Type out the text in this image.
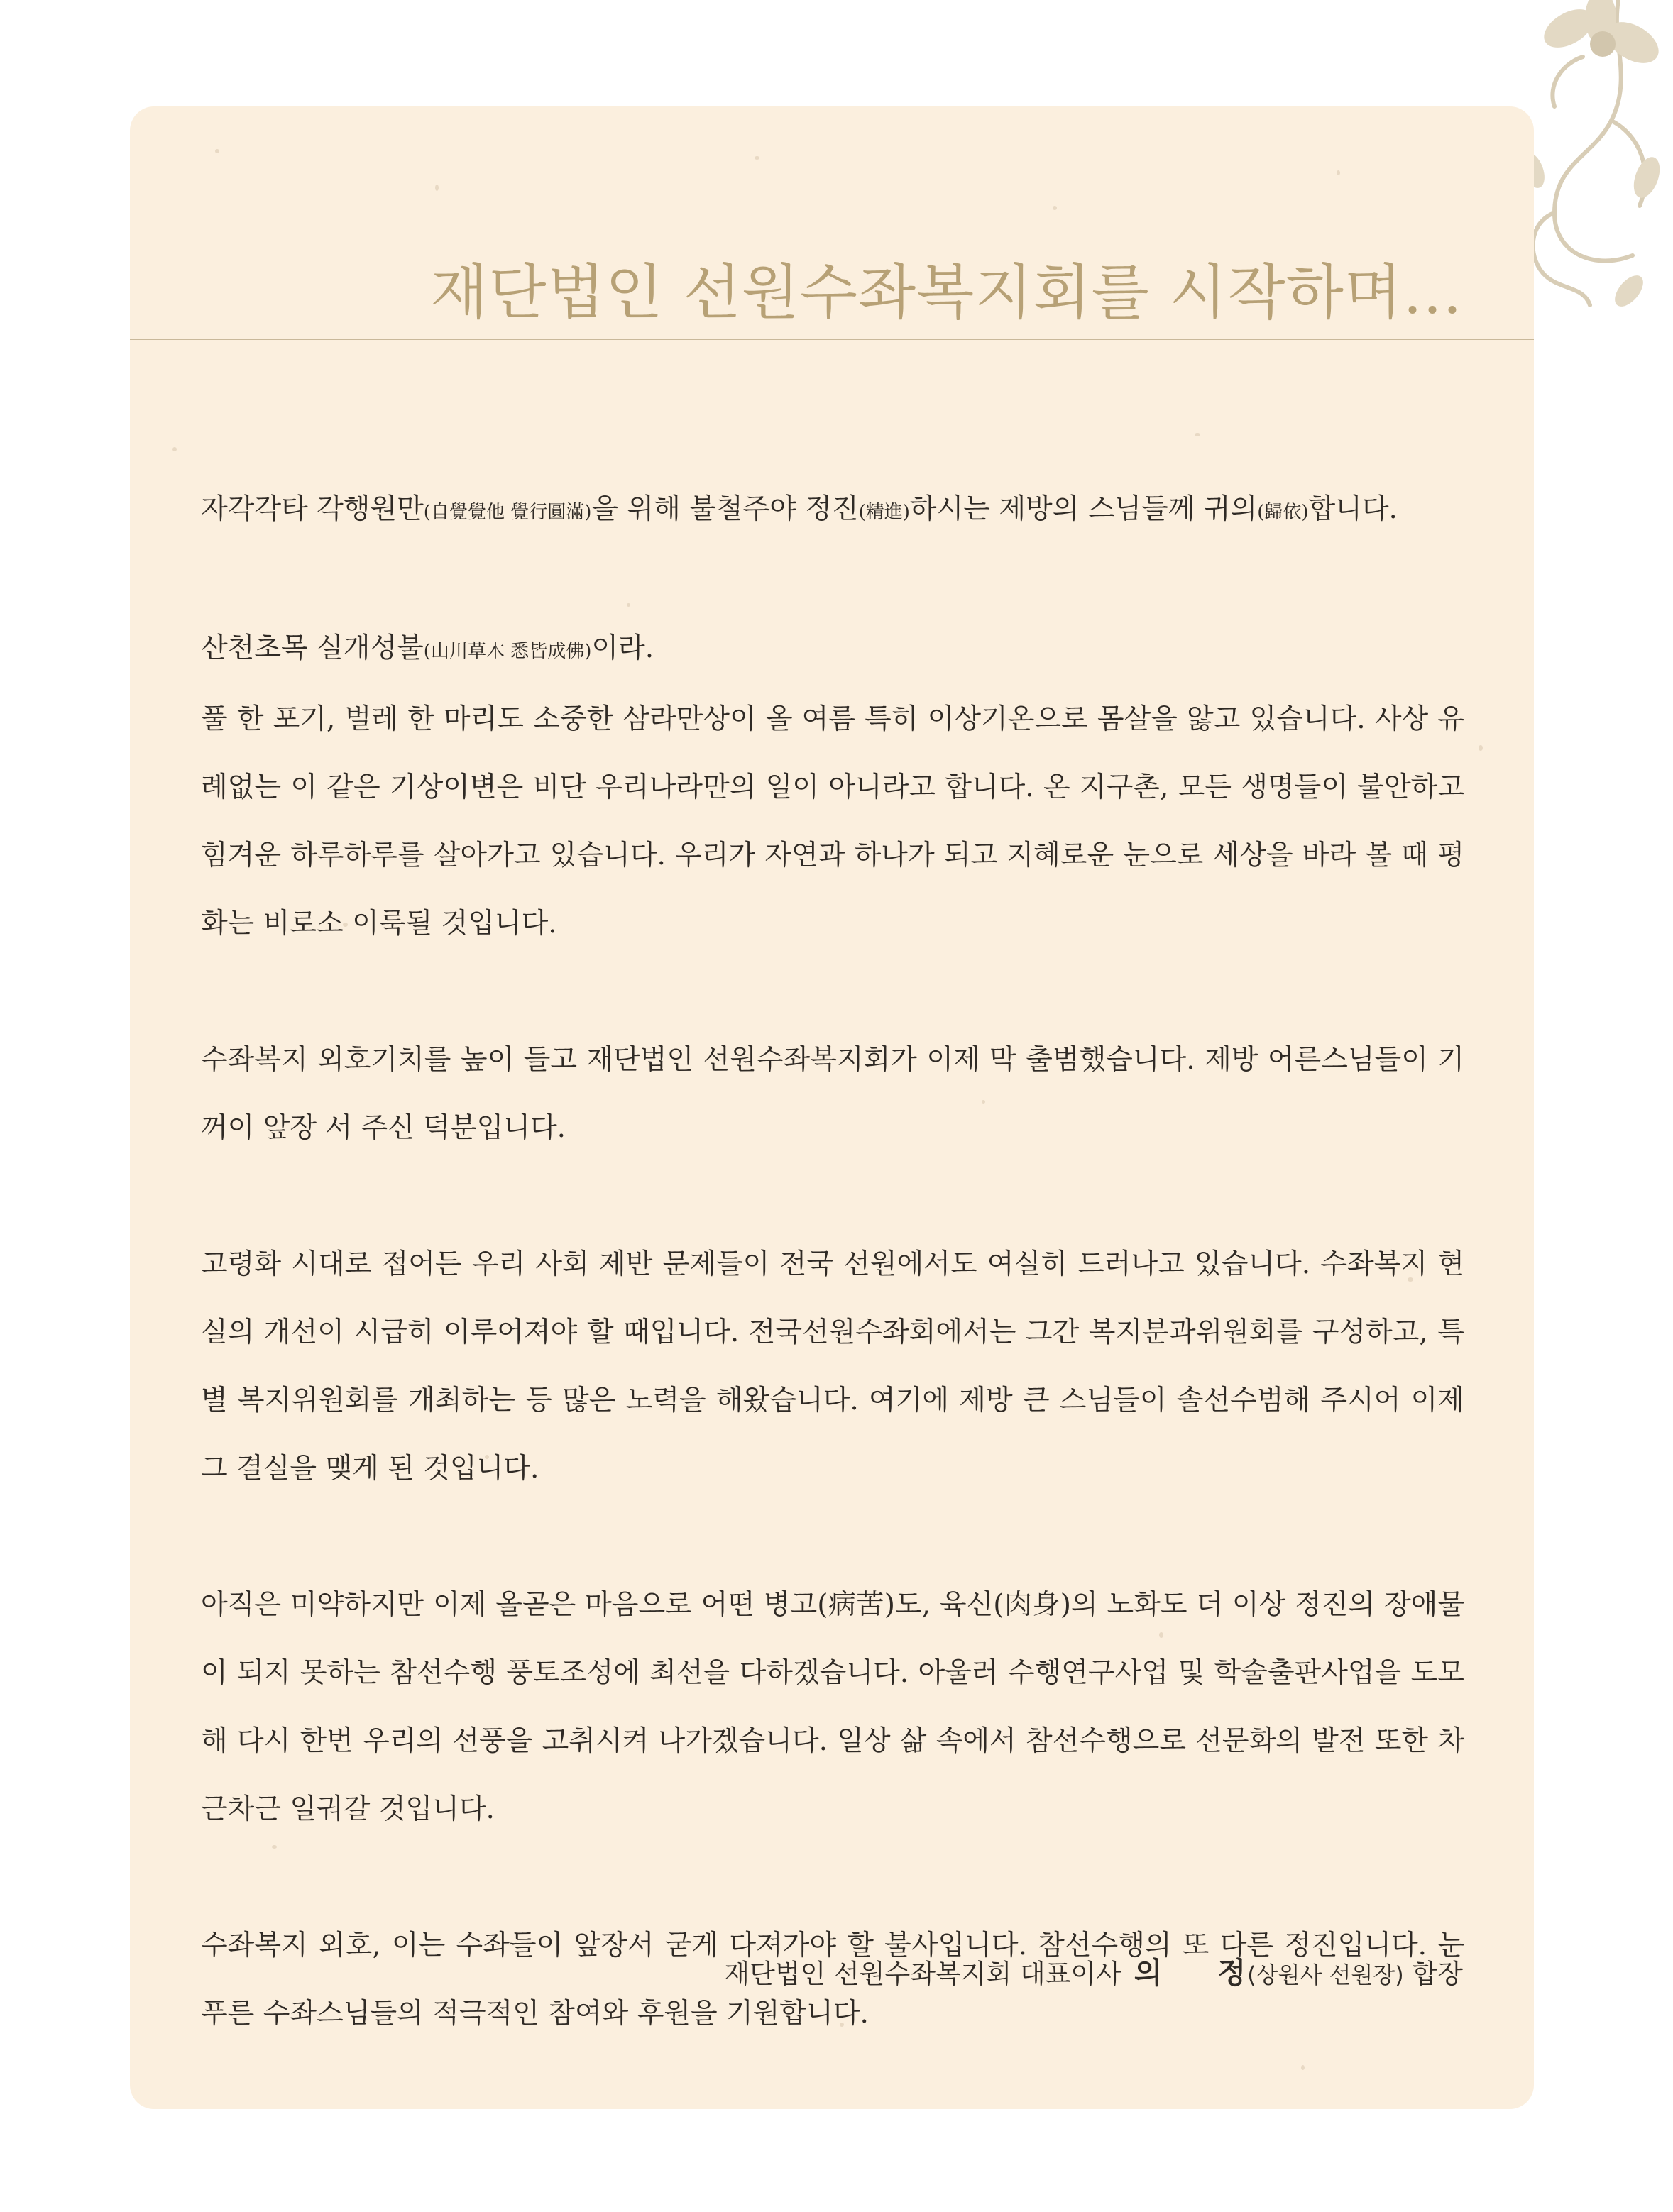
재단법인 선원수좌복지회를 시작하며…

자각각타 각행원만(自覺覺他 覺行圓滿)을 위해 불철주야 정진(精進)하시는 제방의 스님들께 귀의(歸依)합니다.

산천초목 실개성불(山川草木 悉皆成佛)이라.
풀 한 포기, 벌레 한 마리도 소중한 삼라만상이 올 여름 특히 이상기온으로 몸살을 앓고 있습니다. 사상 유례없는 이 같은 기상이변은 비단 우리나라만의 일이 아니라고 합니다. 온 지구촌, 모든 생명들이 불안하고 힘겨운 하루하루를 살아가고 있습니다. 우리가 자연과 하나가 되고 지혜로운 눈으로 세상을 바라 볼 때 평화는 비로소 이룩될 것입니다.

수좌복지 외호기치를 높이 들고 재단법인 선원수좌복지회가 이제 막 출범했습니다. 제방 어른스님들이 기꺼이 앞장 서 주신 덕분입니다.

고령화 시대로 접어든 우리 사회 제반 문제들이 전국 선원에서도 여실히 드러나고 있습니다. 수좌복지 현실의 개선이 시급히 이루어져야 할 때입니다. 전국선원수좌회에서는 그간 복지분과위원회를 구성하고, 특별 복지위원회를 개최하는 등 많은 노력을 해왔습니다. 여기에 제방 큰 스님들이 솔선수범해 주시어 이제 그 결실을 맺게 된 것입니다.

아직은 미약하지만 이제 올곧은 마음으로 어떤 병고(病苦)도, 육신(肉身)의 노화도 더 이상 정진의 장애물이 되지 못하는 참선수행 풍토조성에 최선을 다하겠습니다. 아울러 수행연구사업 및 학술출판사업을 도모해 다시 한번 우리의 선풍을 고취시켜 나가겠습니다. 일상 삶 속에서 참선수행으로 선문화의 발전 또한 차근차근 일궈갈 것입니다.

수좌복지 외호, 이는 수좌들이 앞장서 굳게 다져가야 할 불사입니다. 참선수행의 또 다른 정진입니다. 눈 푸른 수좌스님들의 적극적인 참여와 후원을 기원합니다.

재단법인 선원수좌복지회 대표이사 의 정(상원사 선원장) 합장
